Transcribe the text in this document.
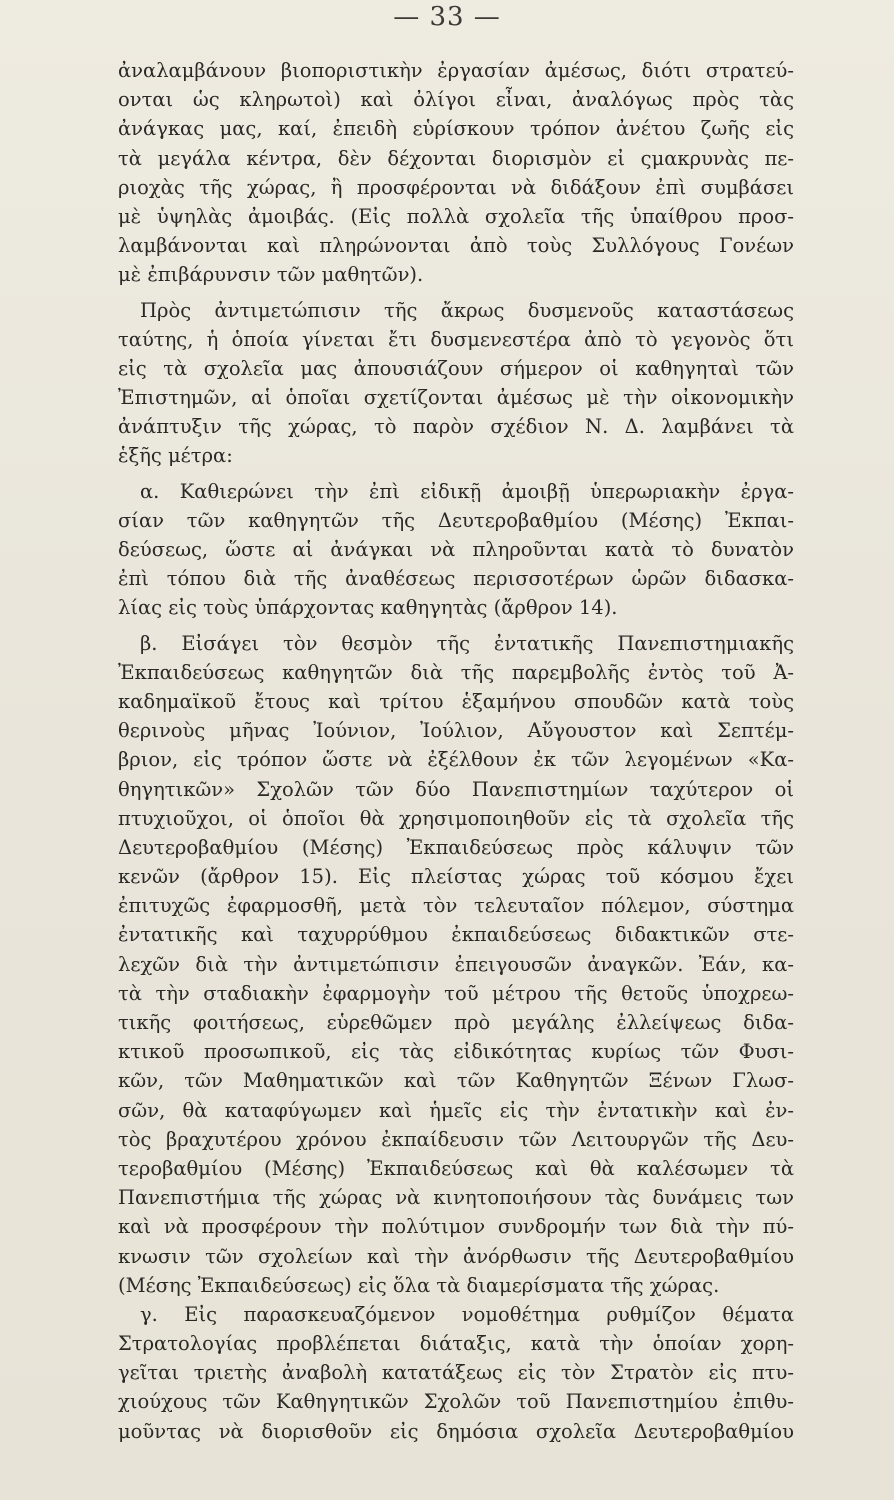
— 33 —
ἀναλαμβάνουν βιοποριστικὴν ἐργασίαν ἀμέσως, διότι στρατεύ-
ονται ὡς κληρωτοὶ) καὶ ὀλίγοι εἶναι, ἀναλόγως πρὸς τὰς
ἀνάγκας μας, καί, ἐπειδὴ εὑρίσκουν τρόπον ἀνέτου ζωῆς εἰς
τὰ μεγάλα κέντρα, δὲν δέχονται διορισμὸν εἰ ςμακρυνὰς πε-
ριοχὰς τῆς χώρας, ἢ προσφέρονται νὰ διδάξουν ἐπὶ συμβάσει
μὲ ὑψηλὰς ἀμοιβάς. (Εἰς πολλὰ σχολεῖα τῆς ὑπαίθρου προσ-
λαμβάνονται καὶ πληρώνονται ἀπὸ τοὺς Συλλόγους Γονέων
μὲ ἐπιβάρυνσιν τῶν μαθητῶν).
Πρὸς ἀντιμετώπισιν τῆς ἄκρως δυσμενοῦς καταστάσεως
ταύτης, ἡ ὁποία γίνεται ἔτι δυσμενεστέρα ἀπὸ τὸ γεγονὸς ὅτι
εἰς τὰ σχολεῖα μας ἀπουσιάζουν σήμερον οἱ καθηγηταὶ τῶν
Ἐπιστημῶν, αἱ ὁποῖαι σχετίζονται ἀμέσως μὲ τὴν οἰκονομικὴν
ἀνάπτυξιν τῆς χώρας, τὸ παρὸν σχέδιον Ν. Δ. λαμβάνει τὰ
ἑξῆς μέτρα:
α. Καθιερώνει τὴν ἐπὶ εἰδικῇ ἀμοιβῇ ὑπερωριακὴν ἐργα-
σίαν τῶν καθηγητῶν τῆς Δευτεροβαθμίου (Μέσης) Ἐκπαι-
δεύσεως, ὥστε αἱ ἀνάγκαι νὰ πληροῦνται κατὰ τὸ δυνατὸν
ἐπὶ τόπου διὰ τῆς ἀναθέσεως περισσοτέρων ὡρῶν διδασκα-
λίας εἰς τοὺς ὑπάρχοντας καθηγητὰς (ἄρθρον 14).
β. Εἰσάγει τὸν θεσμὸν τῆς ἐντατικῆς Πανεπιστημιακῆς
Ἐκπαιδεύσεως καθηγητῶν διὰ τῆς παρεμβολῆς ἐντὸς τοῦ Ἀ-
καδημαϊκοῦ ἔτους καὶ τρίτου ἑξαμήνου σπουδῶν κατὰ τοὺς
θερινοὺς μῆνας Ἰούνιον, Ἰούλιον, Αὔγουστον καὶ Σεπτέμ-
βριον, εἰς τρόπον ὥστε νὰ ἐξέλθουν ἐκ τῶν λεγομένων «Κα-
θηγητικῶν» Σχολῶν τῶν δύο Πανεπιστημίων ταχύτερον οἱ
πτυχιοῦχοι, οἱ ὁποῖοι θὰ χρησιμοποιηθοῦν εἰς τὰ σχολεῖα τῆς
Δευτεροβαθμίου (Μέσης) Ἐκπαιδεύσεως πρὸς κάλυψιν τῶν
κενῶν (ἄρθρον 15). Εἰς πλείστας χώρας τοῦ κόσμου ἔχει
ἐπιτυχῶς ἐφαρμοσθῆ, μετὰ τὸν τελευταῖον πόλεμον, σύστημα
ἐντατικῆς καὶ ταχυρρύθμου ἐκπαιδεύσεως διδακτικῶν στε-
λεχῶν διὰ τὴν ἀντιμετώπισιν ἐπειγουσῶν ἀναγκῶν. Ἐάν, κα-
τὰ τὴν σταδιακὴν ἐφαρμογὴν τοῦ μέτρου τῆς θετοῦς ὑποχρεω-
τικῆς φοιτήσεως, εὑρεθῶμεν πρὸ μεγάλης ἐλλείψεως διδα-
κτικοῦ προσωπικοῦ, εἰς τὰς εἰδικότητας κυρίως τῶν Φυσι-
κῶν, τῶν Μαθηματικῶν καὶ τῶν Καθηγητῶν Ξένων Γλωσ-
σῶν, θὰ καταφύγωμεν καὶ ἡμεῖς εἰς τὴν ἐντατικὴν καὶ ἐν-
τὸς βραχυτέρου χρόνου ἐκπαίδευσιν τῶν Λειτουργῶν τῆς Δευ-
τεροβαθμίου (Μέσης) Ἐκπαιδεύσεως καὶ θὰ καλέσωμεν τὰ
Πανεπιστήμια τῆς χώρας νὰ κινητοποιήσουν τὰς δυνάμεις των
καὶ νὰ προσφέρουν τὴν πολύτιμον συνδρομήν των διὰ τὴν πύ-
κνωσιν τῶν σχολείων καὶ τὴν ἀνόρθωσιν τῆς Δευτεροβαθμίου
(Μέσης Ἐκπαιδεύσεως) εἰς ὅλα τὰ διαμερίσματα τῆς χώρας.
γ. Εἰς παρασκευαζόμενον νομοθέτημα ρυθμίζον θέματα
Στρατολογίας προβλέπεται διάταξις, κατὰ τὴν ὁποίαν χορη-
γεῖται τριετὴς ἀναβολὴ κατατάξεως εἰς τὸν Στρατὸν εἰς πτυ-
χιούχους τῶν Καθηγητικῶν Σχολῶν τοῦ Πανεπιστημίου ἐπιθυ-
μοῦντας νὰ διορισθοῦν εἰς δημόσια σχολεῖα Δευτεροβαθμίου
